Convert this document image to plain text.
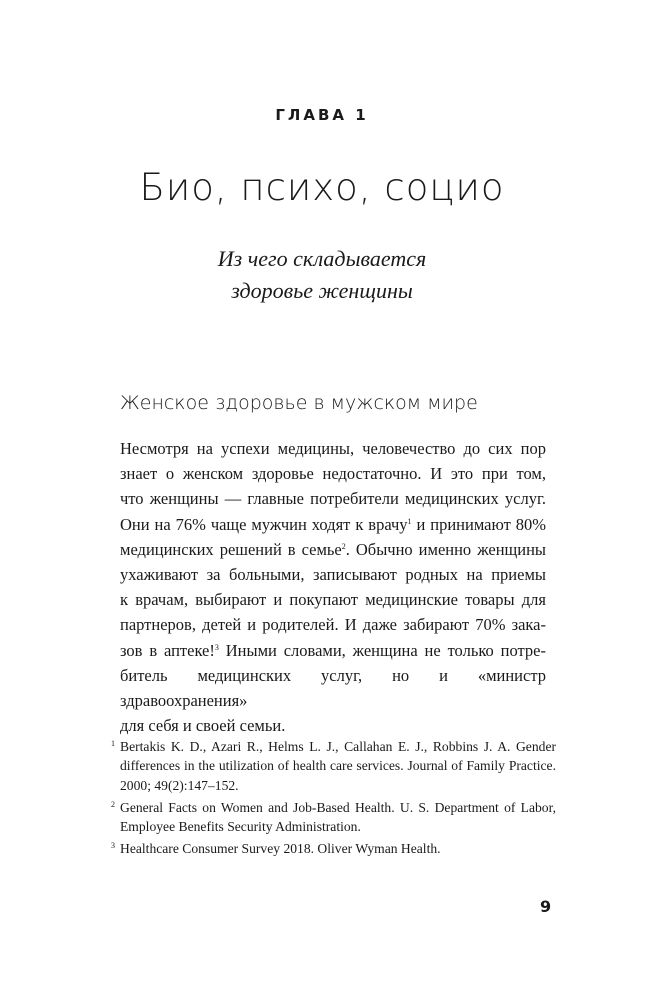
ГЛАВА 1
Био, психо, социо
Из чего складывается
здоровье женщины
Женское здоровье в мужском мире
Несмотря на успехи медицины, человечество до сих пор
знает о женском здоровье недостаточно. И это при том,
что женщины — главные потребители медицинских услуг.
Они на 76% чаще мужчин ходят к врачу$^1$ и принимают 80%
медицинских решений в семье$^2$. Обычно именно женщины
ухаживают за больными, записывают родных на приемы
к врачам, выбирают и покупают медицинские товары для
партнеров, детей и родителей. И даже забирают 70% зака-
зов в аптеке!$^3$ Иными словами, женщина не только потре-
битель медицинских услуг, но и «министр здравоохранения»
для себя и своей семьи.
1 Bertakis K. D., Azari R., Helms L. J., Callahan E. J., Robbins J. A. Gender differences in the utilization of health care services. Journal of Family Practice. 2000; 49(2):147–152.
2 General Facts on Women and Job-Based Health. U. S. Department of Labor, Employee Benefits Security Administration.
3 Healthcare Consumer Survey 2018. Oliver Wyman Health.
9
